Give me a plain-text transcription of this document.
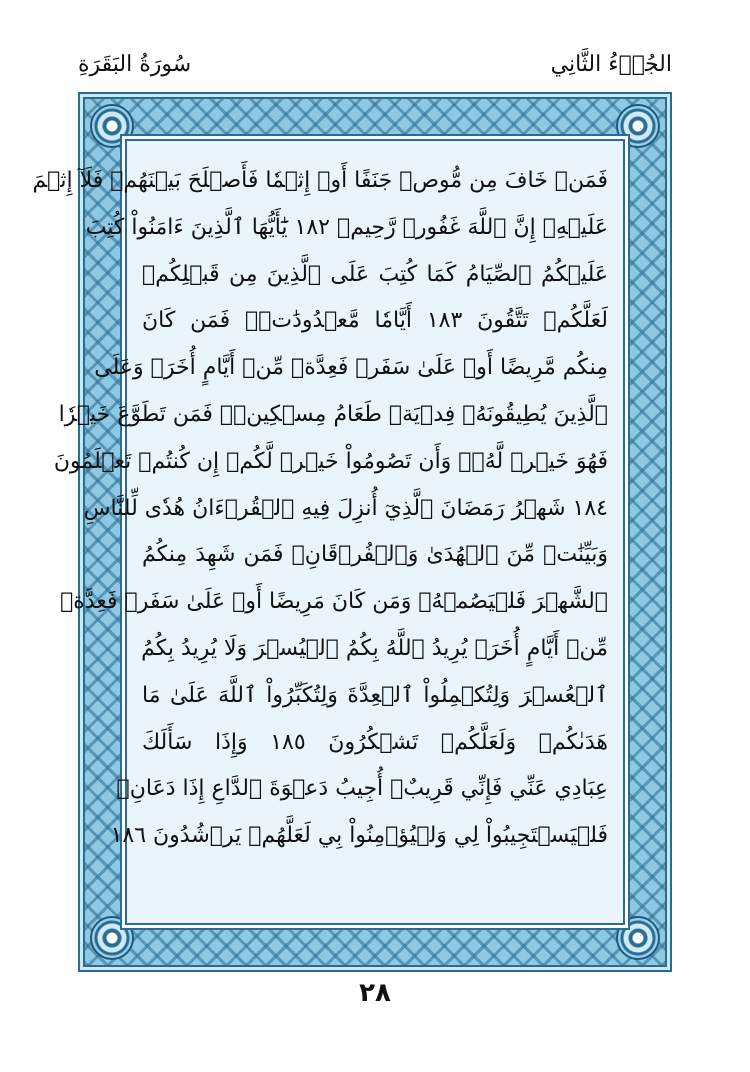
الجُزۡءُ الثَّانِي
سُورَةُ البَقَرَةِ
فَمَنۡ خَافَ مِن مُّوصٖ جَنَفًا أَوۡ إِثۡمٗا فَأَصۡلَحَ بَيۡنَهُمۡ فَلَآ إِثۡمَ
عَلَيۡهِۚ إِنَّ ٱللَّهَ غَفُورٞ رَّحِيمٞ ١٨٢ يَٰٓأَيُّهَا ٱلَّذِينَ ءَامَنُواْ كُتِبَ
عَلَيۡكُمُ ٱلصِّيَامُ كَمَا كُتِبَ عَلَى ٱلَّذِينَ مِن قَبۡلِكُمۡ
لَعَلَّكُمۡ تَتَّقُونَ ١٨٣ أَيَّامٗا مَّعۡدُودَٰتٖۚ فَمَن كَانَ
مِنكُم مَّرِيضًا أَوۡ عَلَىٰ سَفَرٖ فَعِدَّةٞ مِّنۡ أَيَّامٍ أُخَرَۚ وَعَلَى
ٱلَّذِينَ يُطِيقُونَهُۥ فِدۡيَةٞ طَعَامُ مِسۡكِينٖۖ فَمَن تَطَوَّعَ خَيۡرٗا
فَهُوَ خَيۡرٞ لَّهُۥۚ وَأَن تَصُومُواْ خَيۡرٞ لَّكُمۡ إِن كُنتُمۡ تَعۡلَمُونَ
١٨٤ شَهۡرُ رَمَضَانَ ٱلَّذِيٓ أُنزِلَ فِيهِ ٱلۡقُرۡءَانُ هُدٗى لِّلنَّاسِ
وَبَيِّنَٰتٖ مِّنَ ٱلۡهُدَىٰ وَٱلۡفُرۡقَانِۚ فَمَن شَهِدَ مِنكُمُ
ٱلشَّهۡرَ فَلۡيَصُمۡهُۖ وَمَن كَانَ مَرِيضًا أَوۡ عَلَىٰ سَفَرٖ فَعِدَّةٞ
مِّنۡ أَيَّامٍ أُخَرَۗ يُرِيدُ ٱللَّهُ بِكُمُ ٱلۡيُسۡرَ وَلَا يُرِيدُ بِكُمُ
ٱلۡعُسۡرَ وَلِتُكۡمِلُواْ ٱلۡعِدَّةَ وَلِتُكَبِّرُواْ ٱللَّهَ عَلَىٰ مَا
هَدَىٰكُمۡ وَلَعَلَّكُمۡ تَشۡكُرُونَ ١٨٥ وَإِذَا سَأَلَكَ
عِبَادِي عَنِّي فَإِنِّي قَرِيبٌۖ أُجِيبُ دَعۡوَةَ ٱلدَّاعِ إِذَا دَعَانِۖ
فَلۡيَسۡتَجِيبُواْ لِي وَلۡيُؤۡمِنُواْ بِي لَعَلَّهُمۡ يَرۡشُدُونَ ١٨٦
٢٨
